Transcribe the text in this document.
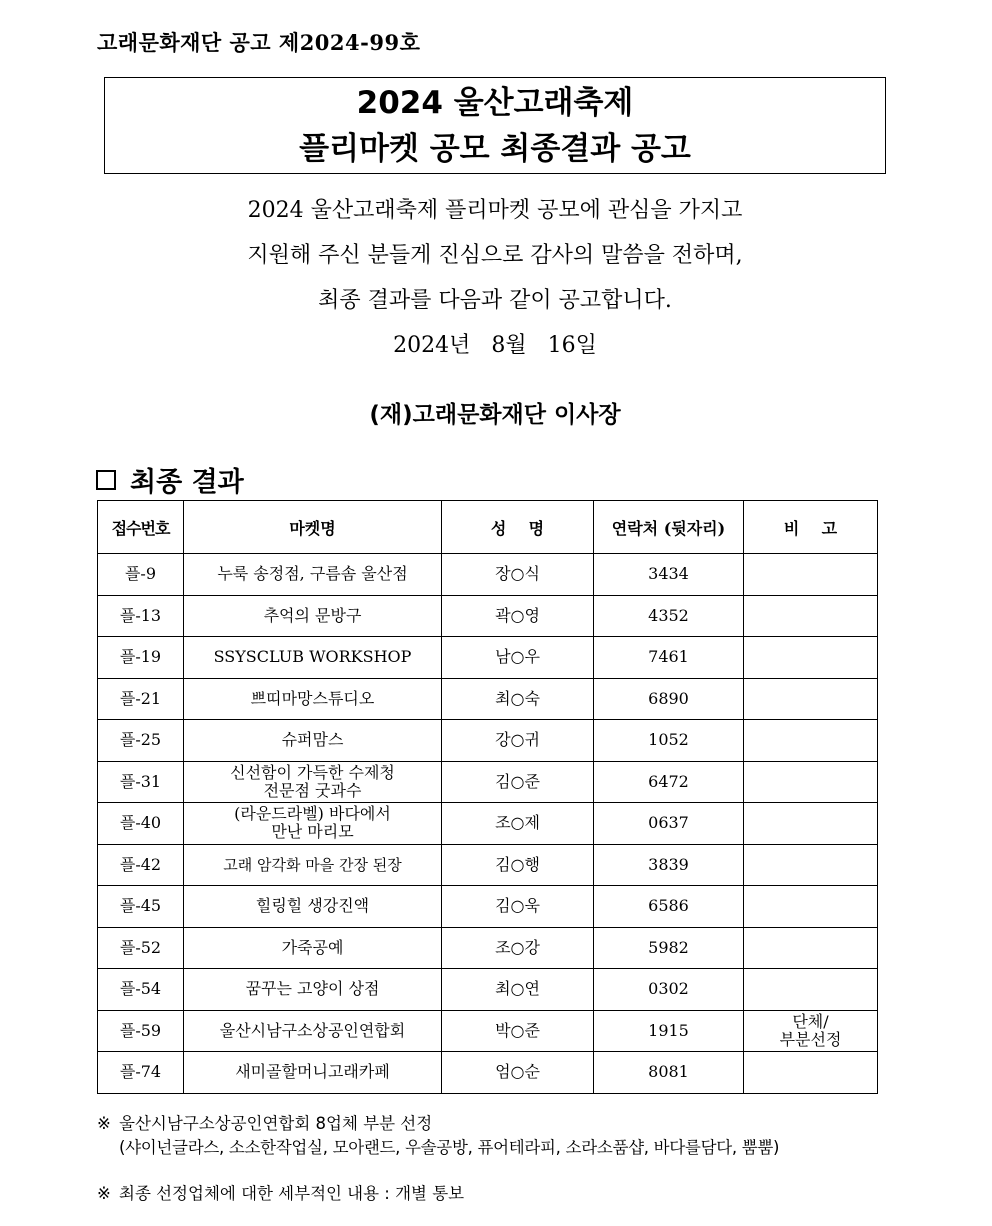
고래문화재단 공고 제2024-99호
2024 울산고래축제
플리마켓 공모 최종결과 공고
2024 울산고래축제 플리마켓 공모에 관심을 가지고
지원해 주신 분들게 진심으로 감사의 말씀을 전하며,
최종 결과를 다음과 같이 공고합니다.
2024년   8월   16일
(재)고래문화재단 이사장
최종 결과
접수번호	마켓명	성    명	연락처 (뒷자리)	비    고
플-9	누룩 송정점, 구름솜 울산점	장○식	3434	
플-13	추억의 문방구	곽○영	4352	
플-19	SSYSCLUB WORKSHOP	남○우	7461	
플-21	쁘띠마망스튜디오	최○숙	6890	
플-25	슈퍼맘스	강○귀	1052	
플-31	신선함이 가득한 수제청
전문점 굿과수	김○준	6472	
플-40	(라운드라벨) 바다에서
만난 마리모	조○제	0637	
플-42	고래 암각화 마을 간장 된장	김○행	3839	
플-45	힐링힐 생강진액	김○욱	6586	
플-52	가죽공예	조○강	5982	
플-54	꿈꾸는 고양이 상점	최○연	0302	
플-59	울산시남구소상공인연합회	박○준	1915	단체/
부분선정

플-74	새미골할머니고래카페	엄○순	8081	
※ 울산시남구소상공인연합회 8업체 부분 선정
(샤이넌글라스, 소소한작업실, 모아랜드, 우솔공방, 퓨어테라피, 소라소품샵, 바다를담다, 뿜뿜)
※ 최종 선정업체에 대한 세부적인 내용 : 개별 통보
